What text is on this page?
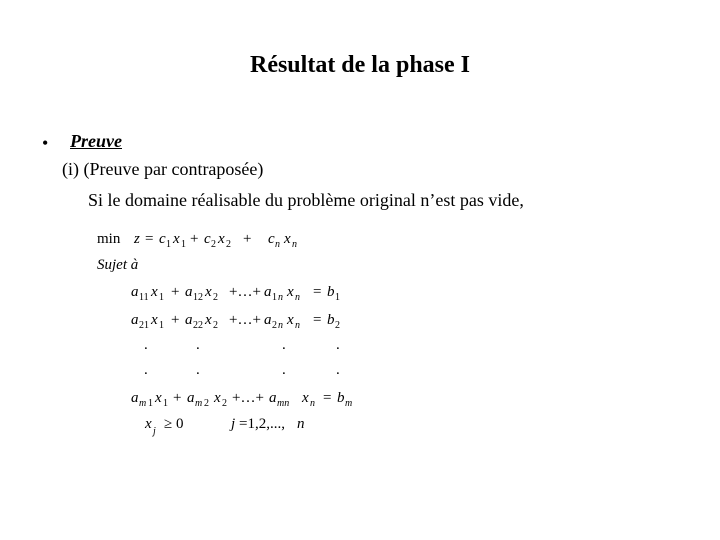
Résultat de la phase I
• Preuve
(i) (Preuve par contraposée)
Si le domaine réalisable du problème original n’est pas vide,
min z = c 1 x 1 + c 2 x 2 + c n x n
Sujet à
a 11 x 1 + a 12 x 2 +…+ a 1 n x n = b 1
a 21 x 1 + a 22 x 2 +…+ a 2 n x n = b 2
.	.	.	.
.	.	.	.
a m 1 x 1 + a m 2 x 2 +…+ a mn x n = b m
x j ≥ 0	j =1,2,..., n
